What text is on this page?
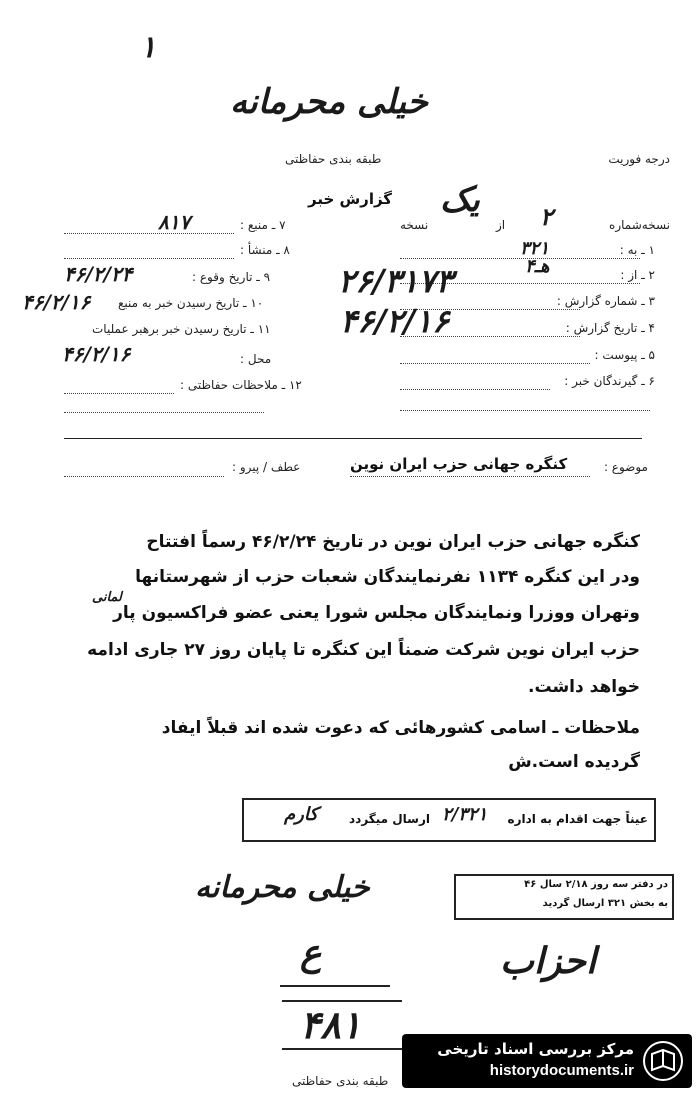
۱
خیلی محرمانه
درجه فوریت
طبقه بندی حفاظتی
گزارش خبر
نسخه‌شماره
۲
از
یک
نسخه
۱ ـ به :
۳۲۱
۲ ـ از :
۴هـ
۳ ـ شماره گزارش :
۲۶/۳۱۷۳
۴ ـ تاریخ گزارش :
۴۶/۲/۱۶
۵ ـ پیوست :
۶ ـ گیرندگان خبر :
۷ ـ منبع :
۸۱۷
۸ ـ منشأ :
۹ ـ تاریخ وقوع :
۴۶/۲/۲۴
۱۰ ـ تاریخ رسیدن خبر به منبع
۴۶/۲/۱۶
۱۱ ـ تاریخ رسیدن خبر برهبر عملیات
۴۶/۲/۱۶	محل :
۱۲ ـ ملاحظات حفاظتی :
موضوع :
کنگره جهانی حزب ایران نوین
عطف / پیرو :
کنگره جهانی حزب ایران نوین در تاریخ ۴۶/۲/۲۴ رسماً افتتاح
ودر این کنگره ۱۱۳۴ نفرنمایندگان شعبات حزب از شهرستانها
لمانی
وتهران ووزرا ونمایندگان مجلس شورا یعنی عضو فراکسیون پار
حزب ایران نوین شرکت ضمناً این کنگره تا پایان روز ۲۷ جاری ادامه
خواهد داشت.
ملاحظات ـ اسامی کشورهائی که دعوت شده اند قبلاً ایفاد
گردیده است.ش
عیناً جهت اقدام به اداره
۲/۳۲۱
ارسال میگردد
کارم
در دفتر سه روز ۲/۱۸ سال ۴۶
به بخش ۳۲۱ ارسال گردید
خیلی محرمانه
ع	احزاب
۴۸۱
طبقه بندی حفاظتی
مرکز بررسی اسناد تاریخی
historydocuments.ir
